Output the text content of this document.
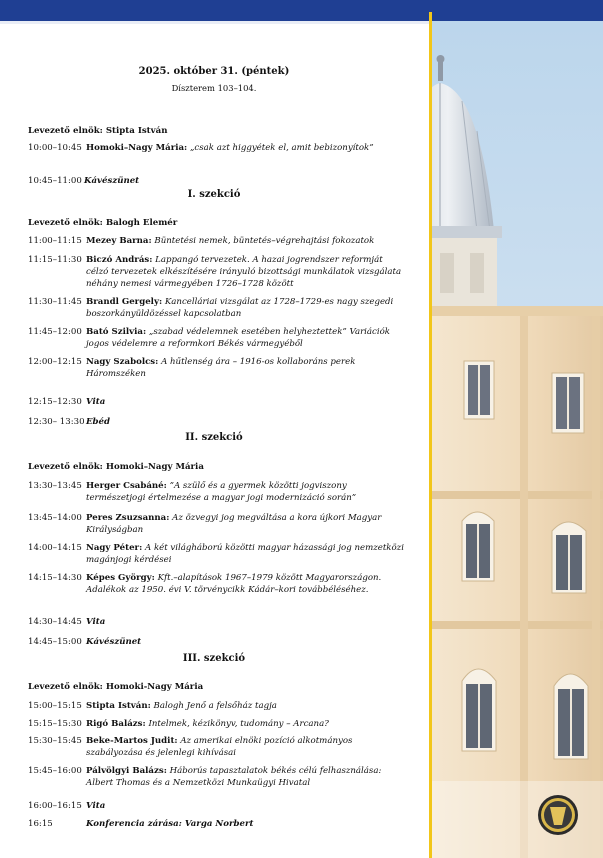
2025. október 31. (péntek)
Díszterem 103–104.
Levezető elnök: Stipta István
10:00–10:45 Homoki–Nagy Mária: „csak azt higgyétek el, amit bebizonyítok”
10:45–11:00 Kávészünet
I. szekció
Levezető elnök: Balogh Elemér
11:00–11:15 Mezey Barna: Büntetési nemek, büntetés–végrehajtási fokozatok
11:15–11:30 Biczó András: Lappangó tervezetek. A hazai jogrendszer reformját
célzó tervezetek elkészítésére irányuló bizottsági munkálatok vizsgálata
néhány nemesi vármegyében 1726–1728 között
11:30–11:45 Brandl Gergely: Kancelláriai vizsgálat az 1728–1729-es nagy szegedi
boszorkányüldözéssel kapcsolatban
11:45–12:00 Bató Szilvia: „szabad védelemnek esetében helyheztettek” Variációk
jogos védelemre a reformkori Békés vármegyéből
12:00–12:15 Nagy Szabolcs: A hűtlenség ára – 1916-os kollaboráns perek
Háromszéken
12:15–12:30 Vita
12:30– 13:30 Ebéd
II. szekció
Levezető elnök: Homoki–Nagy Mária
13:30–13:45 Herger Csabáné: ”A szülő és a gyermek közötti jogviszony
természetjogi értelmezése a magyar jogi modernizáció során”
13:45–14:00 Peres Zsuzsanna: Az özvegyi jog megváltása a kora újkori Magyar
Királyságban
14:00–14:15 Nagy Péter: A két világháború közötti magyar házassági jog nemzetközi
magánjogi kérdései
14:15–14:30 Képes György: Kft.–alapítások 1967–1979 között Magyarországon.
Adalékok az 1950. évi V. törvénycikk Kádár–kori továbbéléséhez.
14:30–14:45 Vita
14:45–15:00 Kávészünet
III. szekció
Levezető elnök: Homoki-Nagy Mária
15:00–15:15 Stipta István: Balogh Jenő a felsőház tagja
15:15–15:30 Rigó Balázs: Intelmek, kézikönyv, tudomány – Arcana?
15:30–15:45 Beke-Martos Judit: Az amerikai elnöki pozíció alkotmányos
szabályozása és jelenlegi kihívásai
15:45–16:00 Pálvölgyi Balázs: Háborús tapasztalatok békés célú felhasználása:
Albert Thomas és a Nemzetközi Munkaügyi Hivatal
16:00–16:15 Vita
16:15	Konferencia zárása: Varga Norbert
